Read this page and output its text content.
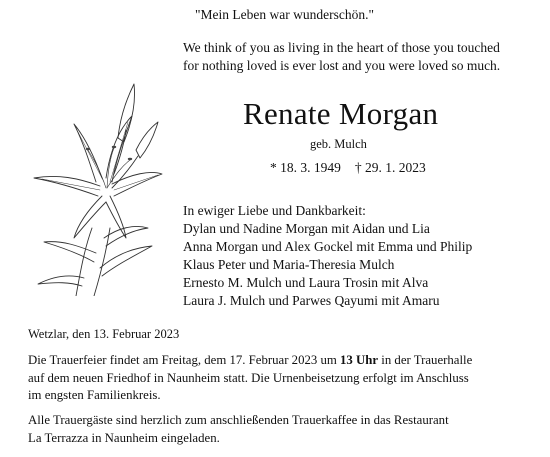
"Mein Leben war wunderschön."
We think of you as living in the heart of those you touched
for nothing loved is ever lost and you were loved so much.
Renate Morgan
geb. Mulch
* 18. 3. 1949 † 29. 1. 2023
In ewiger Liebe und Dankbarkeit:
Dylan und Nadine Morgan mit Aidan und Lia
Anna Morgan und Alex Gockel mit Emma und Philip
Klaus Peter und Maria-Theresia Mulch
Ernesto M. Mulch und Laura Trosin mit Alva
Laura J. Mulch und Parwes Qayumi mit Amaru
Wetzlar, den 13. Februar 2023
Die Trauerfeier findet am Freitag, dem 17. Februar 2023 um 13 Uhr in der Trauerhalle
auf dem neuen Friedhof in Naunheim statt. Die Urnenbeisetzung erfolgt im Anschluss
im engsten Familienkreis.
Alle Trauergäste sind herzlich zum anschließenden Trauerkaffee in das Restaurant
La Terrazza in Naunheim eingeladen.
